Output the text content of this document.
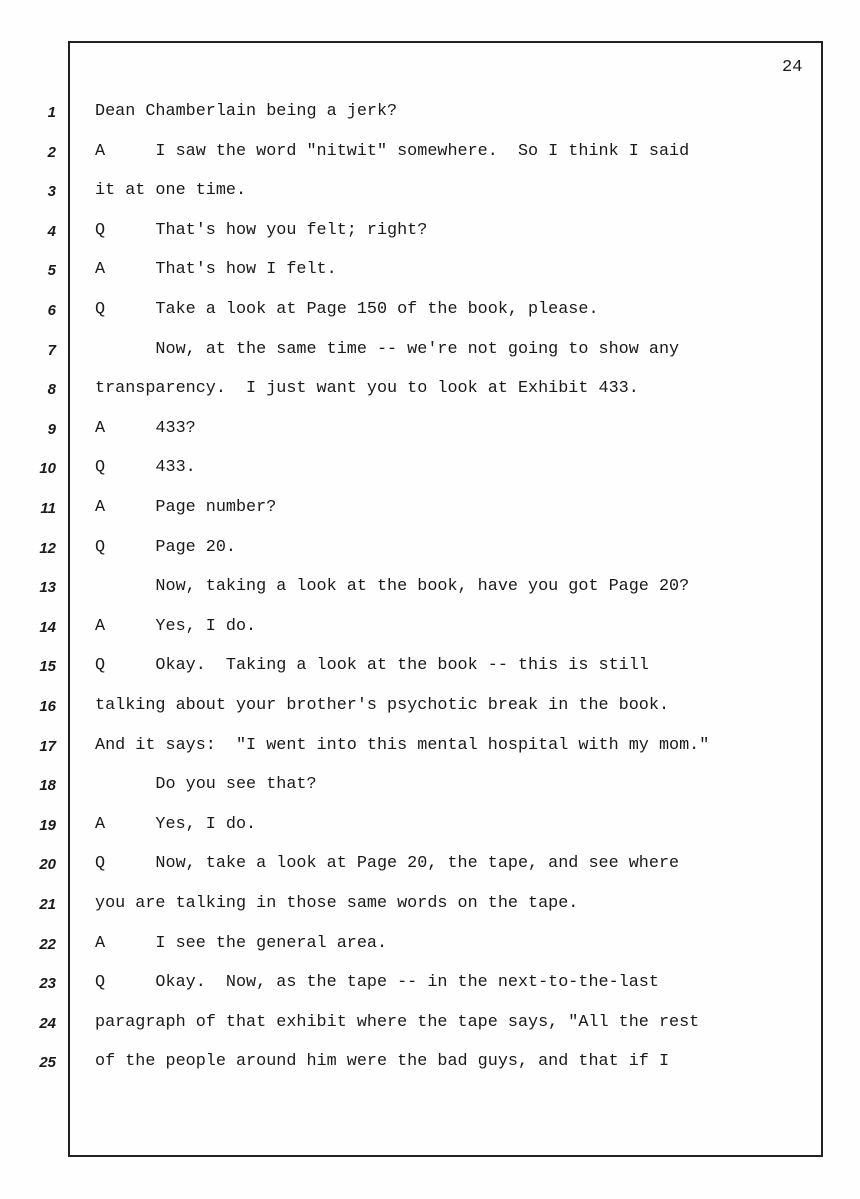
24
1 Dean Chamberlain being a jerk?
2 A     I saw the word "nitwit" somewhere.  So I think I said
3 it at one time.
4 Q     That's how you felt; right?
5 A     That's how I felt.
6 Q     Take a look at Page 150 of the book, please.
7 Now, at the same time -- we're not going to show any
8 transparency.  I just want you to look at Exhibit 433.
9 A     433?
10 Q     433.
11 A     Page number?
12 Q     Page 20.
13 Now, taking a look at the book, have you got Page 20?
14 A     Yes, I do.
15 Q     Okay.  Taking a look at the book -- this is still
16 talking about your brother's psychotic break in the book.
17 And it says:  "I went into this mental hospital with my mom."
18 Do you see that?
19 A     Yes, I do.
20 Q     Now, take a look at Page 20, the tape, and see where
21 you are talking in those same words on the tape.
22 A     I see the general area.
23 Q     Okay.  Now, as the tape -- in the next-to-the-last
24 paragraph of that exhibit where the tape says, "All the rest
25 of the people around him were the bad guys, and that if I
